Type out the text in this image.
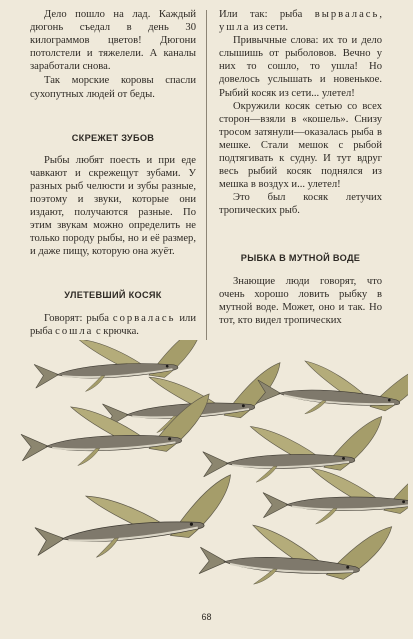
Дело пошло на лад. Каждый дюгонь съедал в день 30 килограммов цветов! Дюгони потолстели и тяжелели. А каналы заработали снова.

Так морские коровы спасли сухопутных людей от беды.

СКРЕЖЕТ ЗУБОВ

Рыбы любят поесть и при еде чавкают и скрежещут зубами. У разных рыб челюсти и зубы разные, поэтому и звуки, которые они издают, получаются разные. По этим звукам можно определить не только породу рыбы, но и её размер, и даже пищу, которую она жуёт.

УЛЕТЕВШИЙ КОСЯК

Говорят: рыба сорвалась или рыба сошла с крючка.

Или так: рыба вырвалась, ушла из сети.

Привычные слова: их то и дело слышишь от рыболовов. Вечно у них то сошло, то ушла! Но довелось услышать и новенькое. Рыбий косяк из сети... улетел!

Окружили косяк сетью со всех сторон—взяли в «кошель». Снизу тросом затянули—оказалась рыба в мешке. Стали мешок с рыбой подтягивать к судну. И тут вдруг весь рыбий косяк поднялся из мешка в воздух и... улетел!

Это был косяк летучих тропических рыб.

РЫБКА В МУТНОЙ ВОДЕ

Знающие люди говорят, что очень хорошо ловить рыбку в мутной воде. Может, оно и так. Но тот, кто видел тропических

68
